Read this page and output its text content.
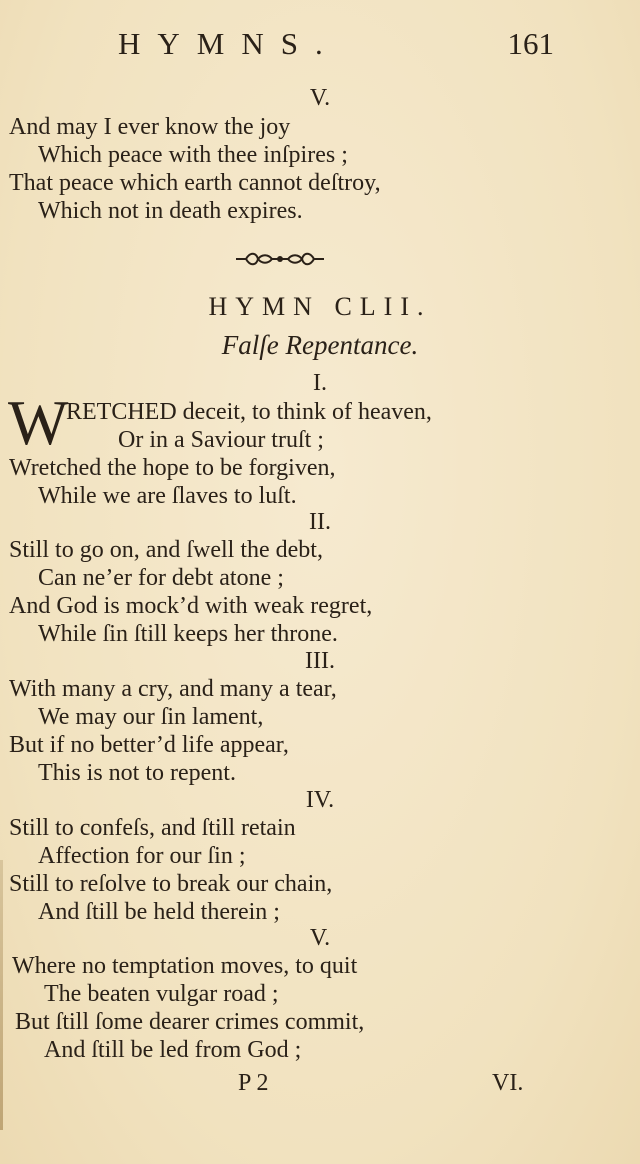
HYMNS.	161
V.
And may I ever know the joy
Which peace with thee inſpires ;
That peace which earth cannot deſtroy,
Which not in death expires.
HYMN CLII.
Falſe Repentance.
I.
W
RETCHED deceit, to think of heaven,
Or in a Saviour truſt ;
Wretched the hope to be forgiven,
While we are ſlaves to luſt.
II.
Still to go on, and ſwell the debt,
Can ne’er for debt atone ;
And God is mock’d with weak regret,
While ſin ſtill keeps her throne.
III.
With many a cry, and many a tear,
We may our ſin lament,
But if no better’d life appear,
This is not to repent.
IV.
Still to confeſs, and ſtill retain
Affection for our ſin ;
Still to reſolve to break our chain,
And ſtill be held therein ;
V.
Where no temptation moves, to quit
The beaten vulgar road ;
But ſtill ſome dearer crimes commit,
And ſtill be led from God ;
P 2	VI.
